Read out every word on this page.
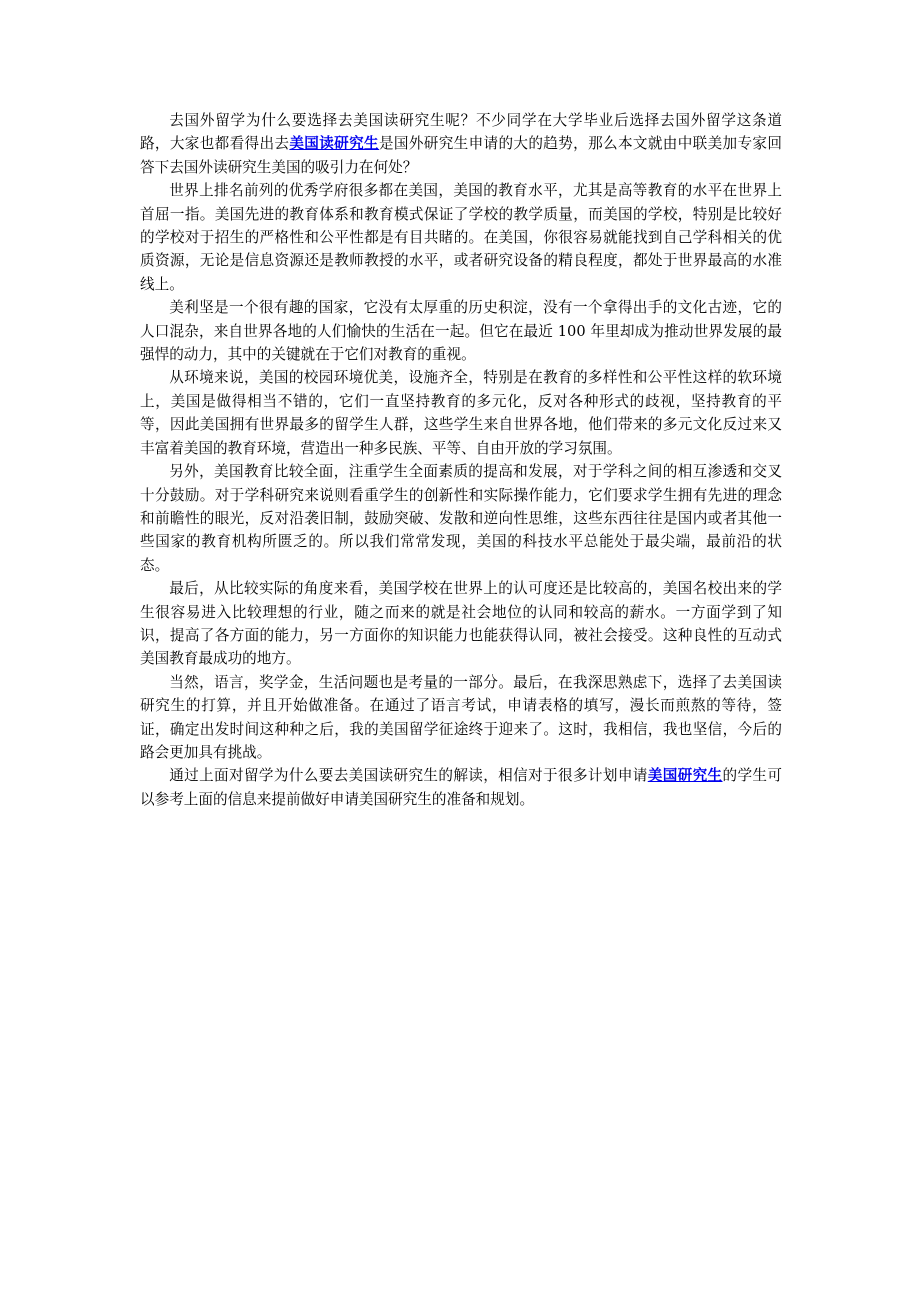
去国外留学为什么要选择去美国读研究生呢？不少同学在大学毕业后选择去国外留学这条道路，大家也都看得出去美国读研究生是国外研究生申请的大的趋势，那么本文就由中联美加专家回答下去国外读研究生美国的吸引力在何处？

世界上排名前列的优秀学府很多都在美国，美国的教育水平，尤其是高等教育的水平在世界上首屈一指。美国先进的教育体系和教育模式保证了学校的教学质量，而美国的学校，特别是比较好的学校对于招生的严格性和公平性都是有目共睹的。在美国，你很容易就能找到自己学科相关的优质资源，无论是信息资源还是教师教授的水平，或者研究设备的精良程度，都处于世界最高的水准线上。

美利坚是一个很有趣的国家，它没有太厚重的历史积淀，没有一个拿得出手的文化古迹，它的人口混杂，来自世界各地的人们愉快的生活在一起。但它在最近 100 年里却成为推动世界发展的最强悍的动力，其中的关键就在于它们对教育的重视。

从环境来说，美国的校园环境优美，设施齐全，特别是在教育的多样性和公平性这样的软环境上，美国是做得相当不错的，它们一直坚持教育的多元化，反对各种形式的歧视，坚持教育的平等，因此美国拥有世界最多的留学生人群，这些学生来自世界各地，他们带来的多元文化反过来又丰富着美国的教育环境，营造出一种多民族、平等、自由开放的学习氛围。

另外，美国教育比较全面，注重学生全面素质的提高和发展，对于学科之间的相互渗透和交叉十分鼓励。对于学科研究来说则看重学生的创新性和实际操作能力，它们要求学生拥有先进的理念和前瞻性的眼光，反对沿袭旧制，鼓励突破、发散和逆向性思维，这些东西往往是国内或者其他一些国家的教育机构所匮乏的。所以我们常常发现，美国的科技水平总能处于最尖端，最前沿的状态。

最后，从比较实际的角度来看，美国学校在世界上的认可度还是比较高的，美国名校出来的学生很容易进入比较理想的行业，随之而来的就是社会地位的认同和较高的薪水。一方面学到了知识，提高了各方面的能力，另一方面你的知识能力也能获得认同，被社会接受。这种良性的互动式美国教育最成功的地方。

当然，语言，奖学金，生活问题也是考量的一部分。最后，在我深思熟虑下，选择了去美国读研究生的打算，并且开始做准备。在通过了语言考试，申请表格的填写，漫长而煎熬的等待，签证，确定出发时间这种种之后，我的美国留学征途终于迎来了。这时，我相信，我也坚信，今后的路会更加具有挑战。

通过上面对留学为什么要去美国读研究生的解读，相信对于很多计划申请美国研究生的学生可以参考上面的信息来提前做好申请美国研究生的准备和规划。
